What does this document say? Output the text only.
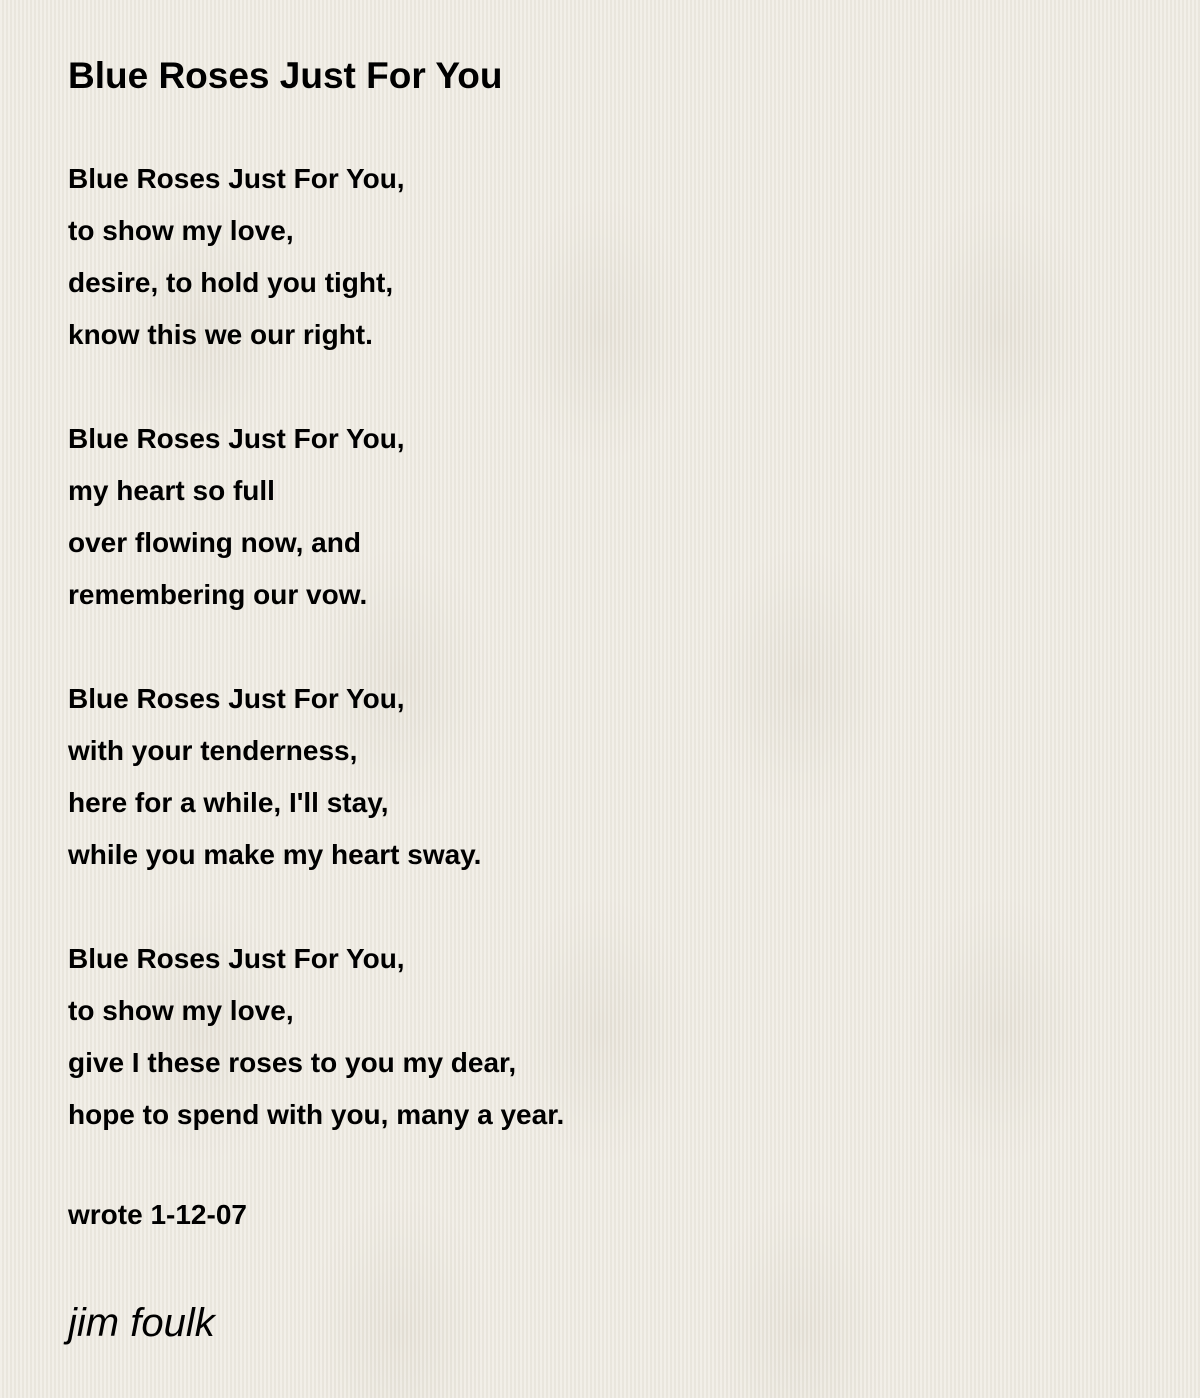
Blue Roses Just For You
Blue Roses Just For You,
to show my love,
desire, to hold you tight,
know this we our right.
Blue Roses Just For You,
my heart so full
over flowing now, and
remembering our vow.
Blue Roses Just For You,
with your tenderness,
here for a while, I'll stay,
while you make my heart sway.
Blue Roses Just For You,
to show my love,
give I these roses to you my dear,
hope to spend with you, many a year.
wrote 1-12-07
jim foulk
